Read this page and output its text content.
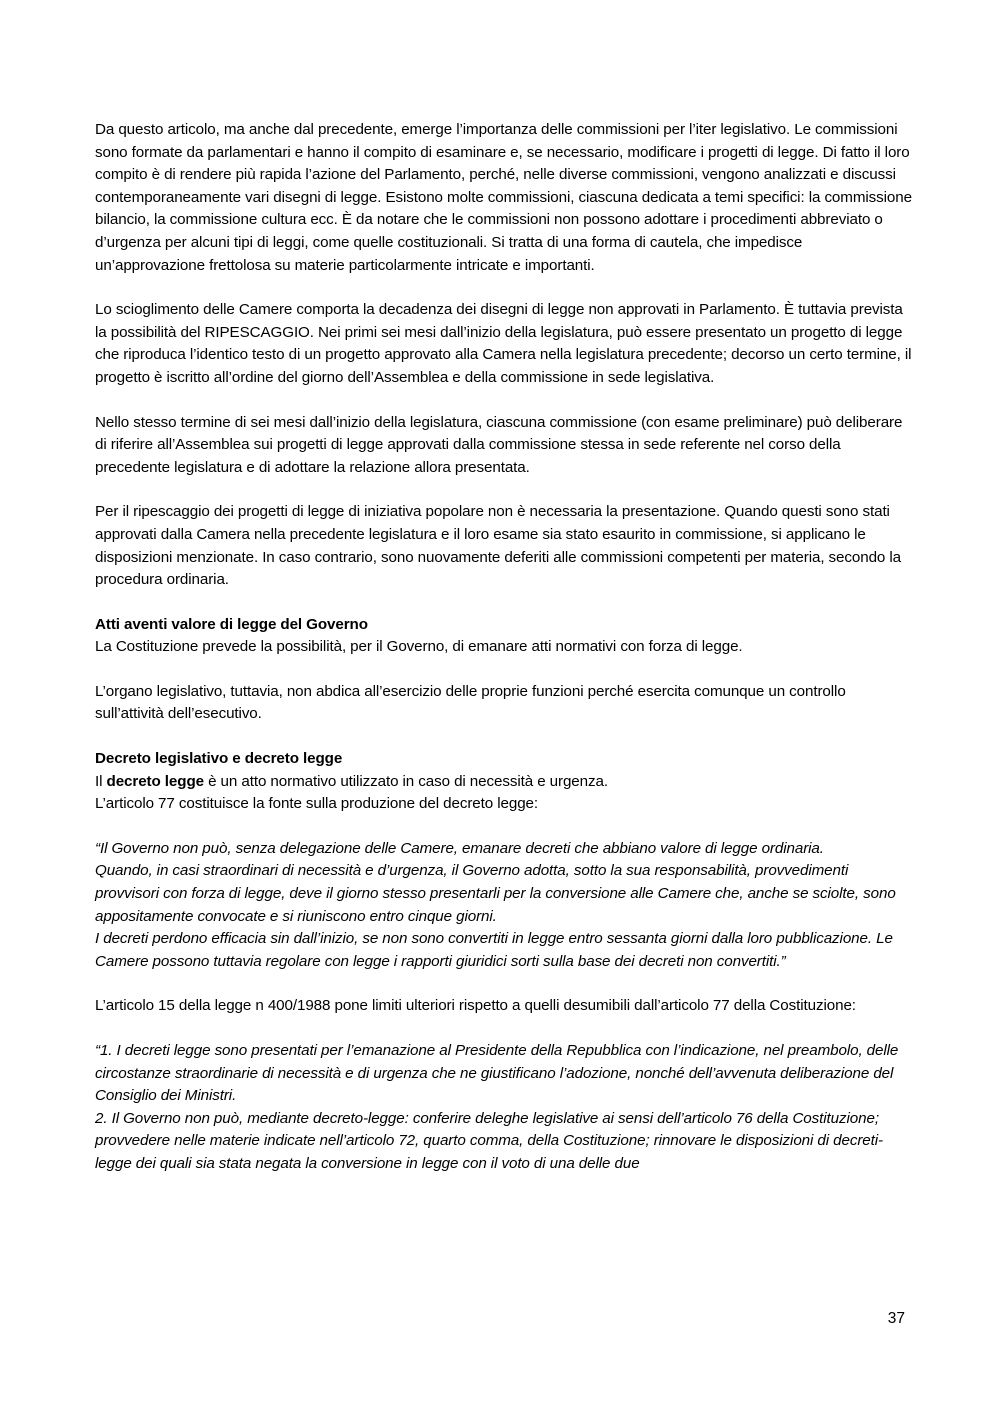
Da questo articolo, ma anche dal precedente, emerge l’importanza delle commissioni per l’iter legislativo. Le commissioni sono formate da parlamentari e hanno il compito di esaminare e, se necessario, modificare i progetti di legge. Di fatto il loro compito è di rendere più rapida l’azione del Parlamento, perché, nelle diverse commissioni, vengono analizzati e discussi contemporaneamente vari disegni di legge. Esistono molte commissioni, ciascuna dedicata a temi specifici: la commissione bilancio, la commissione cultura ecc. È da notare che le commissioni non possono adottare i procedimenti abbreviato o d’urgenza per alcuni tipi di leggi, come quelle costituzionali. Si tratta di una forma di cautela, che impedisce un’approvazione frettolosa su materie particolarmente intricate e importanti.

Lo scioglimento delle Camere comporta la decadenza dei disegni di legge non approvati in Parlamento. È tuttavia prevista la possibilità del RIPESCAGGIO. Nei primi sei mesi dall’inizio della legislatura, può essere presentato un progetto di legge che riproduca l’identico testo di un progetto approvato alla Camera nella legislatura precedente; decorso un certo termine, il progetto è iscritto all’ordine del giorno dell’Assemblea e della commissione in sede legislativa.

Nello stesso termine di sei mesi dall’inizio della legislatura, ciascuna commissione (con esame preliminare) può deliberare di riferire all’Assemblea sui progetti di legge approvati dalla commissione stessa in sede referente nel corso della precedente legislatura e di adottare la relazione allora presentata.

Per il ripescaggio dei progetti di legge di iniziativa popolare non è necessaria la presentazione. Quando questi sono stati approvati dalla Camera nella precedente legislatura e il loro esame sia stato esaurito in commissione, si applicano le disposizioni menzionate. In caso contrario, sono nuovamente deferiti alle commissioni competenti per materia, secondo la procedura ordinaria.

Atti aventi valore di legge del Governo

La Costituzione prevede la possibilità, per il Governo, di emanare atti normativi con forza di legge.

L’organo legislativo, tuttavia, non abdica all’esercizio delle proprie funzioni perché esercita comunque un controllo sull’attività dell’esecutivo.

Decreto legislativo e decreto legge

Il decreto legge è un atto normativo utilizzato in caso di necessità e urgenza.

L’articolo 77 costituisce la fonte sulla produzione del decreto legge:

“Il Governo non può, senza delegazione delle Camere, emanare decreti che abbiano valore di legge ordinaria.

Quando, in casi straordinari di necessità e d’urgenza, il Governo adotta, sotto la sua responsabilità, provvedimenti provvisori con forza di legge, deve il giorno stesso presentarli per la conversione alle Camere che, anche se sciolte, sono appositamente convocate e si riuniscono entro cinque giorni.

I decreti perdono efficacia sin dall’inizio, se non sono convertiti in legge entro sessanta giorni dalla loro pubblicazione. Le Camere possono tuttavia regolare con legge i rapporti giuridici sorti sulla base dei decreti non convertiti.”

L’articolo 15 della legge n 400/1988 pone limiti ulteriori rispetto a quelli desumibili dall’articolo 77 della Costituzione:

“1. I decreti legge sono presentati per l’emanazione al Presidente della Repubblica con l’indicazione, nel preambolo, delle circostanze straordinarie di necessità e di urgenza che ne giustificano l’adozione, nonché dell’avvenuta deliberazione del Consiglio dei Ministri.

2. Il Governo non può, mediante decreto-legge: conferire deleghe legislative ai sensi dell’articolo 76 della Costituzione; provvedere nelle materie indicate nell’articolo 72, quarto comma, della Costituzione; rinnovare le disposizioni di decreti-legge dei quali sia stata negata la conversione in legge con il voto di una delle due

37
